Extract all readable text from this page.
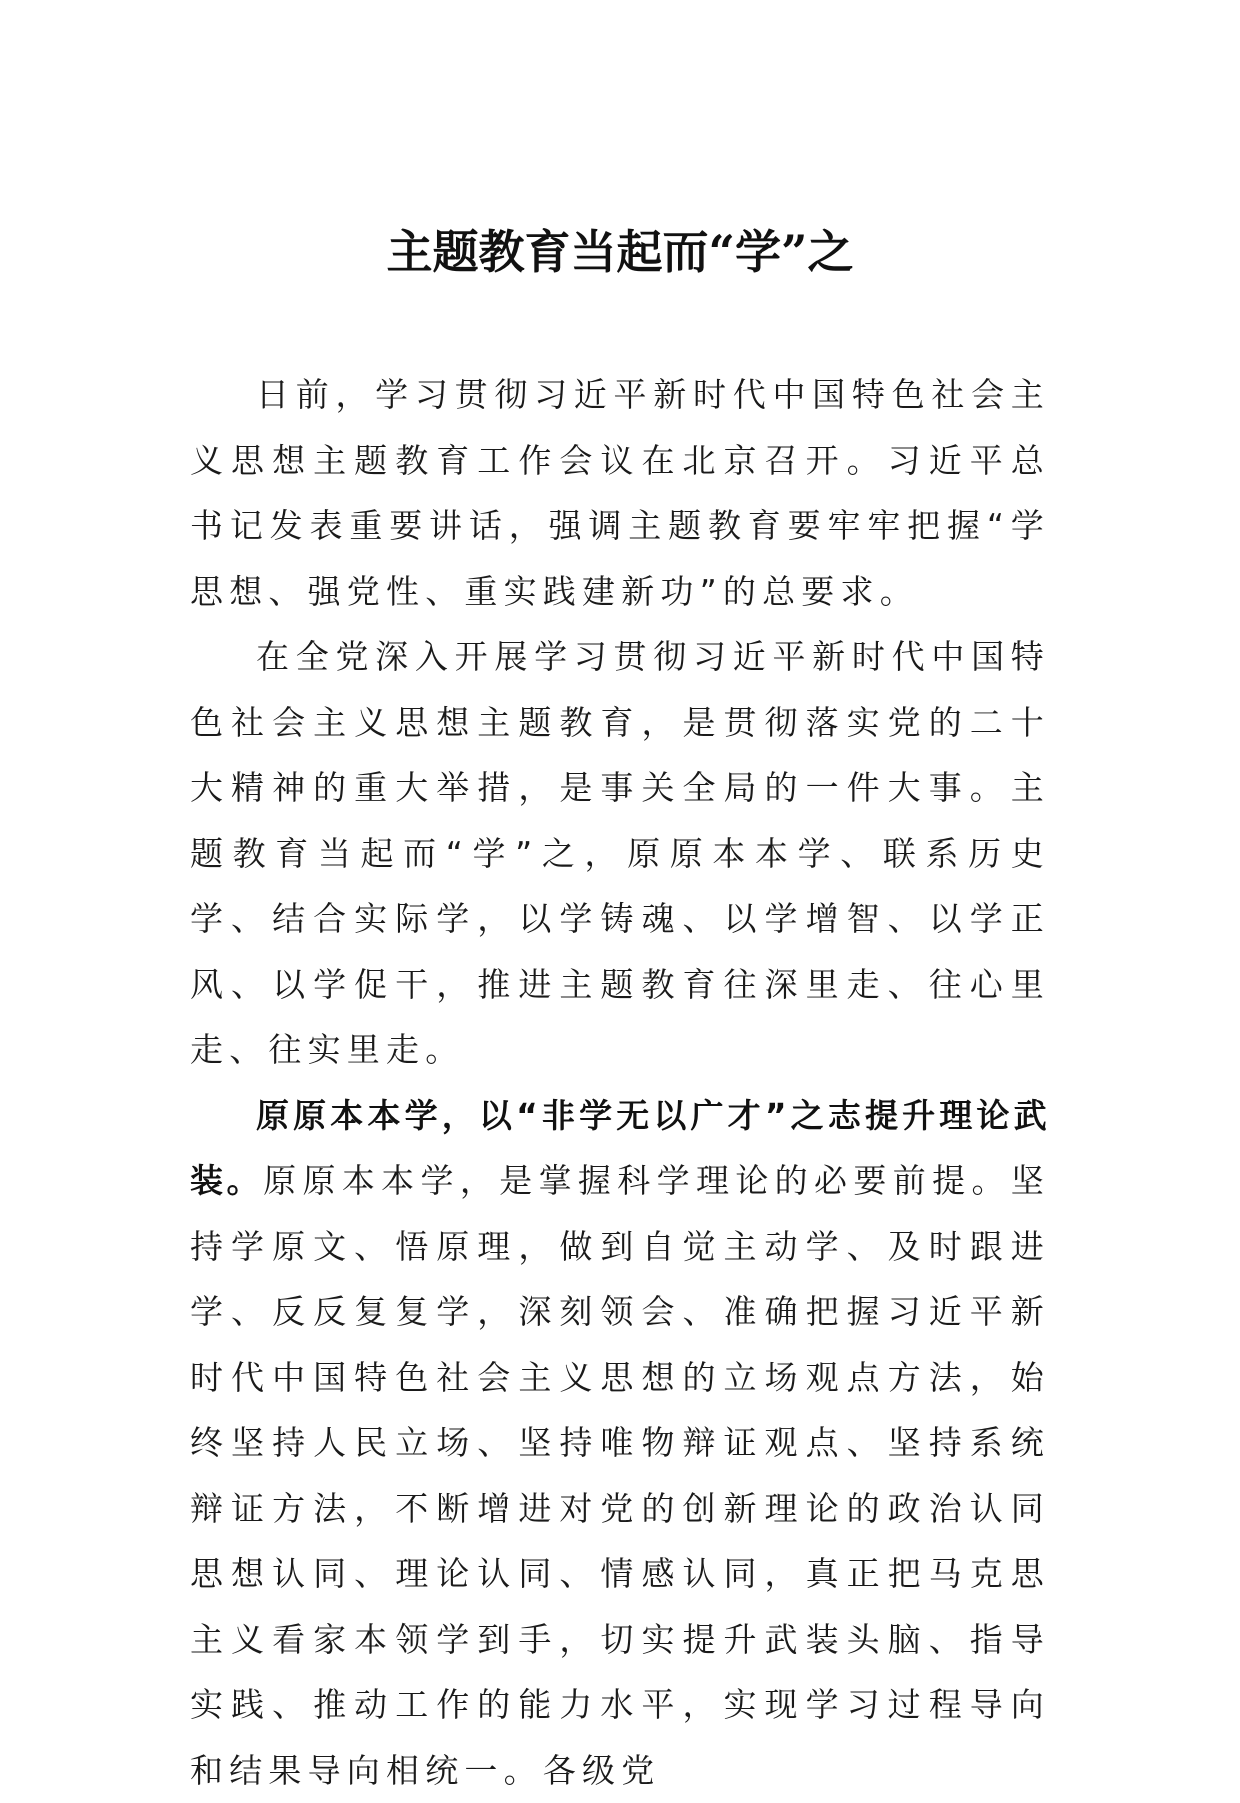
主题教育当起而“学”之

日前，学习贯彻习近平新时代中国特色社会主义思想主题教育工作会议在北京召开。习近平总书记发表重要讲话，强调主题教育要牢牢把握“学思想、强党性、重实践建新功”的总要求。

在全党深入开展学习贯彻习近平新时代中国特色社会主义思想主题教育，是贯彻落实党的二十大精神的重大举措，是事关全局的一件大事。主题教育当起而“学”之，原原本本学、联系历史学、结合实际学，以学铸魂、以学增智、以学正风、以学促干，推进主题教育往深里走、往心里走、往实里走。

原原本本学，以“非学无以广才”之志提升理论武装。原原本本学，是掌握科学理论的必要前提。坚持学原文、悟原理，做到自觉主动学、及时跟进学、反反复复学，深刻领会、准确把握习近平新时代中国特色社会主义思想的立场观点方法，始终坚持人民立场、坚持唯物辩证观点、坚持系统辩证方法，不断增进对党的创新理论的政治认同思想认同、理论认同、情感认同，真正把马克思主义看家本领学到手，切实提升武装头脑、指导实践、推动工作的能力水平，实现学习过程导向和结果导向相统一。各级党
